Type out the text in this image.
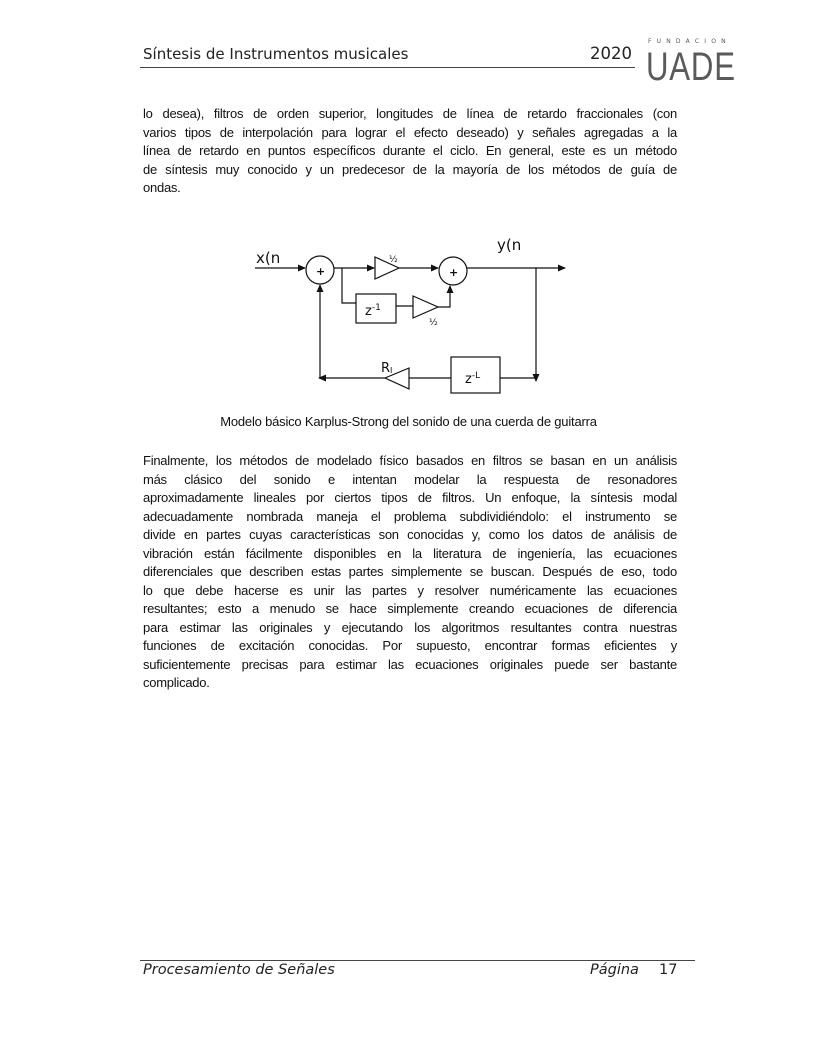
Síntesis de Instrumentos musicales	2020
FUNDACIÓN
UADE
lo desea), filtros de orden superior, longitudes de línea de retardo fraccionales (con
varios tipos de interpolación para lograr el efecto deseado) y señales agregadas a la
línea de retardo en puntos específicos durante el ciclo. En general, este es un método
de síntesis muy conocido y un predecesor de la mayoría de los métodos de guía de
ondas.
x(n
y(n
+	+
½
½
$z^{-1}$
$z^{-L}$
RI
Modelo básico Karplus-Strong del sonido de una cuerda de guitarra
Finalmente, los métodos de modelado físico basados en filtros se basan en un análisis
más clásico del sonido e intentan modelar la respuesta de resonadores
aproximadamente lineales por ciertos tipos de filtros. Un enfoque, la síntesis modal
adecuadamente nombrada maneja el problema subdividiéndolo: el instrumento se
divide en partes cuyas características son conocidas y, como los datos de análisis de
vibración están fácilmente disponibles en la literatura de ingeniería, las ecuaciones
diferenciales que describen estas partes simplemente se buscan. Después de eso, todo
lo que debe hacerse es unir las partes y resolver numéricamente las ecuaciones
resultantes; esto a menudo se hace simplemente creando ecuaciones de diferencia
para estimar las originales y ejecutando los algoritmos resultantes contra nuestras
funciones de excitación conocidas. Por supuesto, encontrar formas eficientes y
suficientemente precisas para estimar las ecuaciones originales puede ser bastante
complicado.
Procesamiento de Señales	Página 17
